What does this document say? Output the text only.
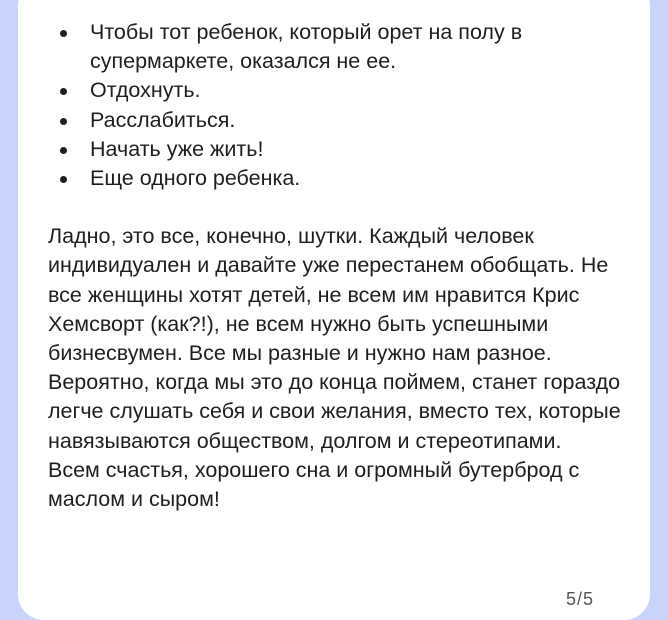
Чтобы тот ребенок, который орет на полу в супермаркете, оказался не ее.
Отдохнуть.
Расслабиться.
Начать уже жить!
Еще одного ребенка.

Ладно, это все, конечно, шутки. Каждый человек индивидуален и давайте уже перестанем обобщать. Не все женщины хотят детей, не всем им нравится Крис Хемсворт (как?!), не всем нужно быть успешными бизнесвумен. Все мы разные и нужно нам разное.

Вероятно, когда мы это до конца поймем, станет гораздо легче слушать себя и свои желания, вместо тех, которые навязываются обществом, долгом и стереотипами.

Всем счастья, хорошего сна и огромный бутерброд с маслом и сыром!

5/5
